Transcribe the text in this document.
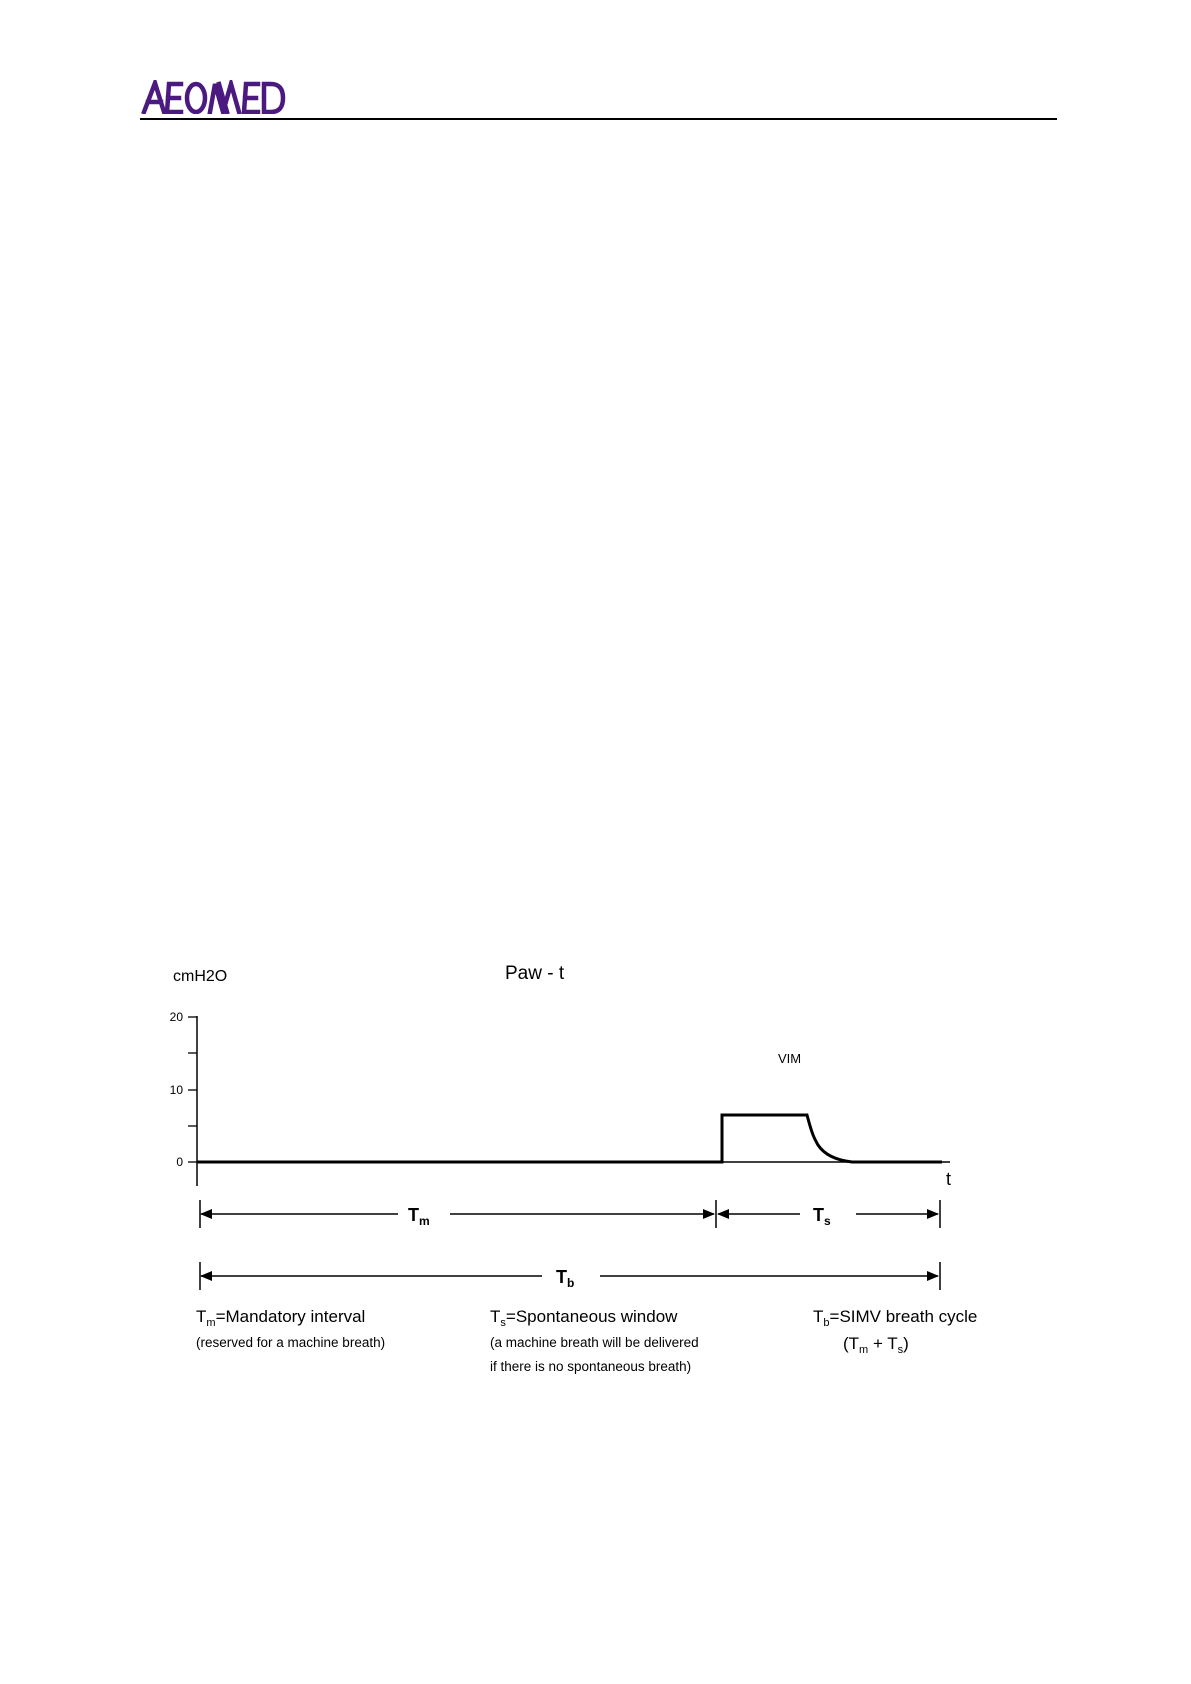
cmH2O	Paw - t
20
10
0
t
VIM
$T_m$	$T_s$
$T_b$
$T_m=Mandatory$ interval
(reserved for a machine breath)
$T_s=Spontaneous$ window
(a machine breath will be delivered
if there is no spontaneous breath)
$T_b=SIMV$ breath cycle
$(T_m + T_s)$
